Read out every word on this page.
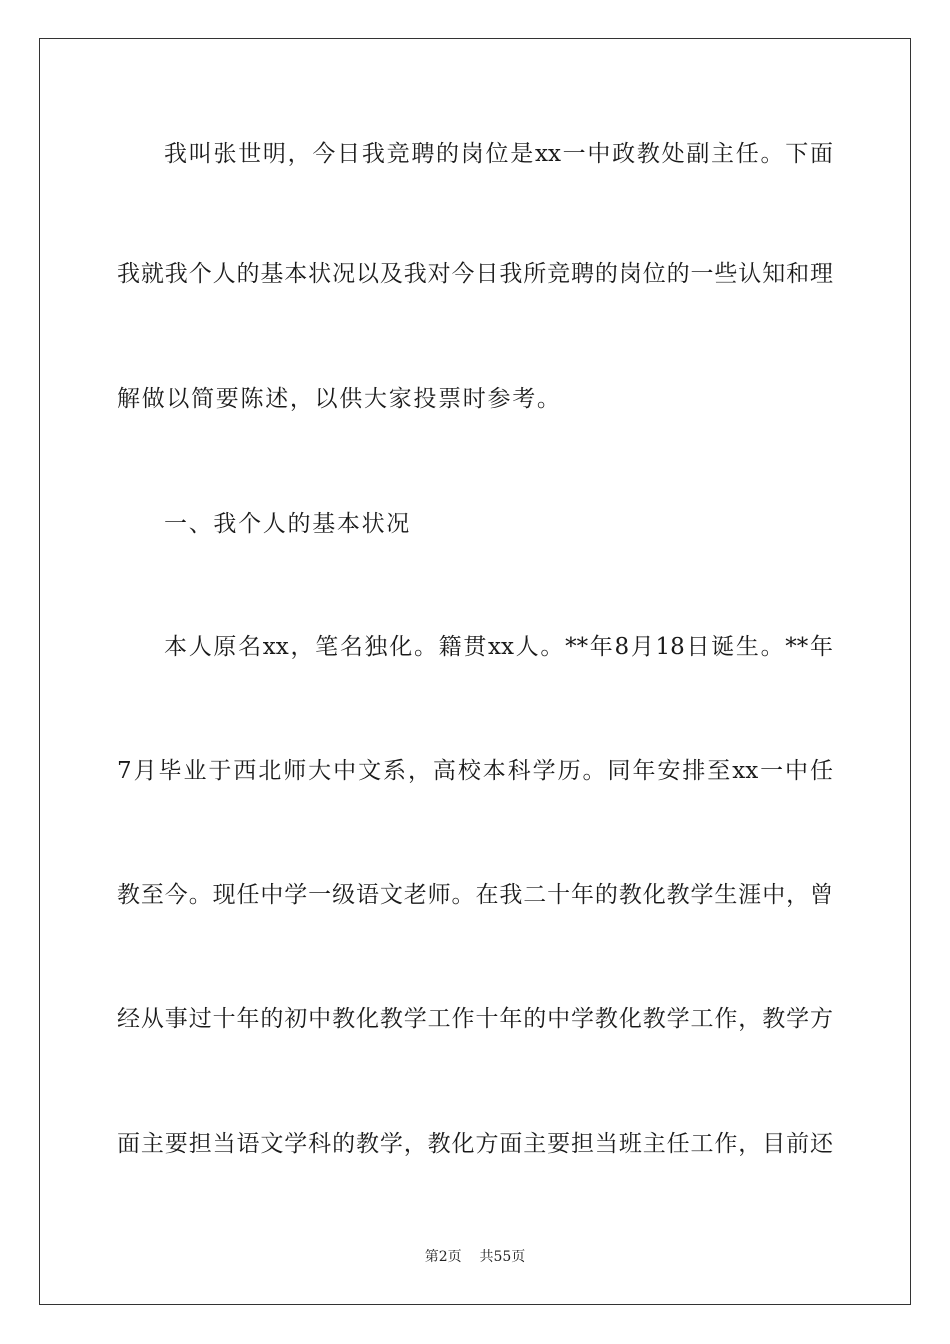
我叫张世明，今日我竞聘的岗位是xx一中政教处副主任。下面
我就我个人的基本状况以及我对今日我所竞聘的岗位的一些认知和理
解做以简要陈述，以供大家投票时参考。
一、我个人的基本状况
本人原名xx，笔名独化。籍贯xx人。**年8月18日诞生。**年
7月毕业于西北师大中文系，高校本科学历。同年安排至xx一中任
教至今。现任中学一级语文老师。在我二十年的教化教学生涯中，曾
经从事过十年的初中教化教学工作十年的中学教化教学工作，教学方
面主要担当语文学科的教学，教化方面主要担当班主任工作，目前还
第2页 共55页
